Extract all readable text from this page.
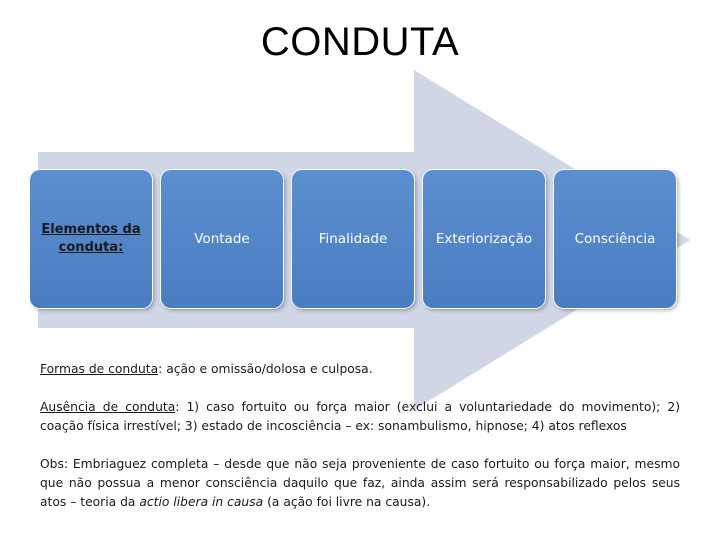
CONDUTA
Elementos da conduta:
Vontade	Finalidade	Exteriorização	Consciência
Formas de conduta: ação e omissão/dolosa e culposa.
Ausência de conduta: 1) caso fortuito ou força maior (exclui a voluntariedade do movimento); 2) coação física irrestível; 3) estado de incosciência – ex: sonambulismo, hipnose; 4) atos reflexos
Obs: Embriaguez completa – desde que não seja proveniente de caso fortuito ou força maior, mesmo que não possua a menor consciência daquilo que faz, ainda assim será responsabilizado pelos seus atos – teoria da actio libera in causa (a ação foi livre na causa).
